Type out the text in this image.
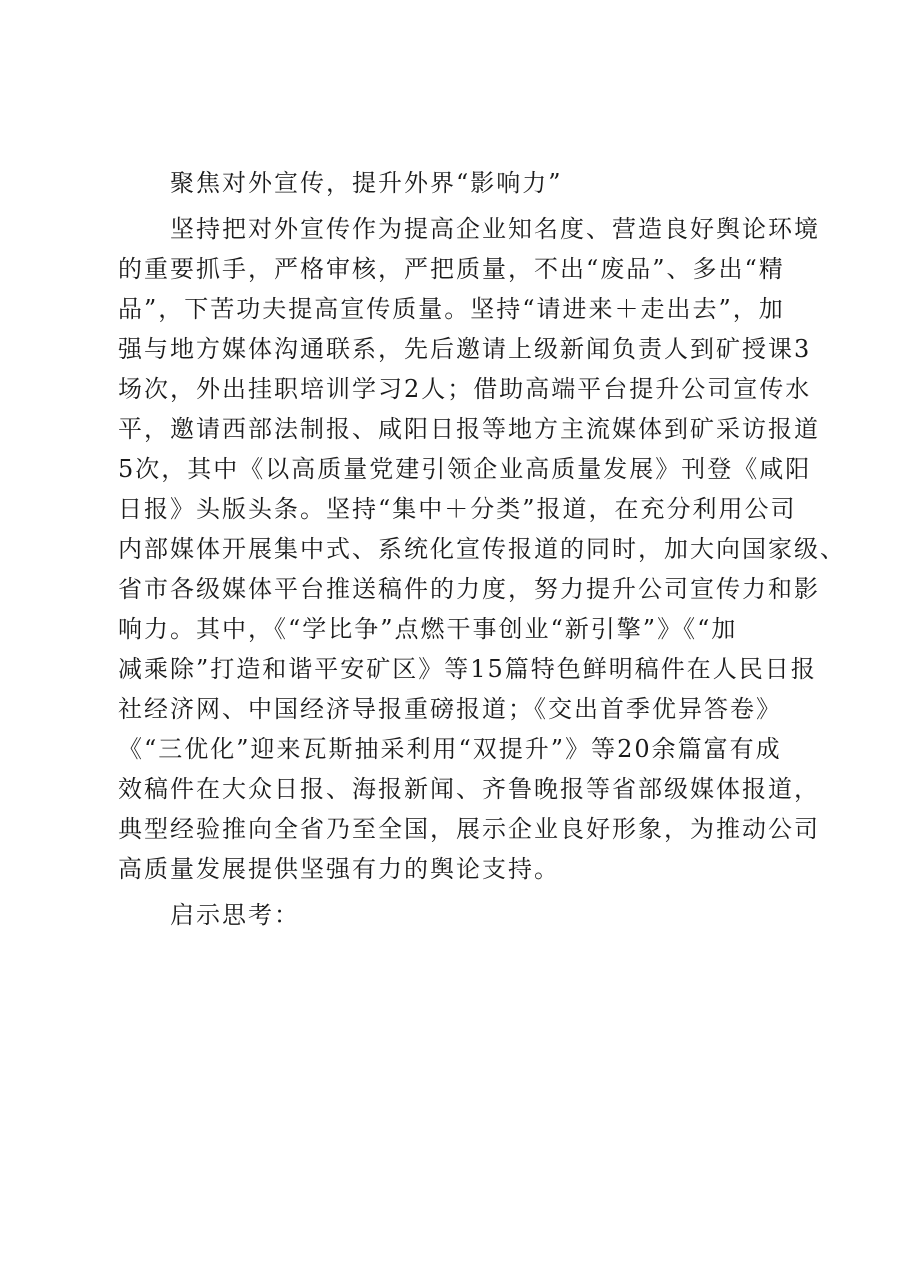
聚焦对外宣传，提升外界“影响力”

坚持把对外宣传作为提高企业知名度、营造良好舆论环境
的重要抓手，严格审核，严把质量，不出“废品”、多出“精
品”，下苦功夫提高宣传质量。坚持“请进来＋走出去”，加
强与地方媒体沟通联系，先后邀请上级新闻负责人到矿授课3
场次，外出挂职培训学习2人；借助高端平台提升公司宣传水
平，邀请西部法制报、咸阳日报等地方主流媒体到矿采访报道
5次，其中《以高质量党建引领企业高质量发展》刊登《咸阳
日报》头版头条。坚持“集中＋分类”报道，在充分利用公司
内部媒体开展集中式、系统化宣传报道的同时，加大向国家级、
省市各级媒体平台推送稿件的力度，努力提升公司宣传力和影
响力。其中，《“学比争”点燃干事创业“新引擎”》《“加
减乘除”打造和谐平安矿区》等15篇特色鲜明稿件在人民日报
社经济网、中国经济导报重磅报道；《交出首季优异答卷》
《“三优化”迎来瓦斯抽采利用“双提升”》等20余篇富有成
效稿件在大众日报、海报新闻、齐鲁晚报等省部级媒体报道，
典型经验推向全省乃至全国，展示企业良好形象，为推动公司
高质量发展提供坚强有力的舆论支持。

启示思考：
